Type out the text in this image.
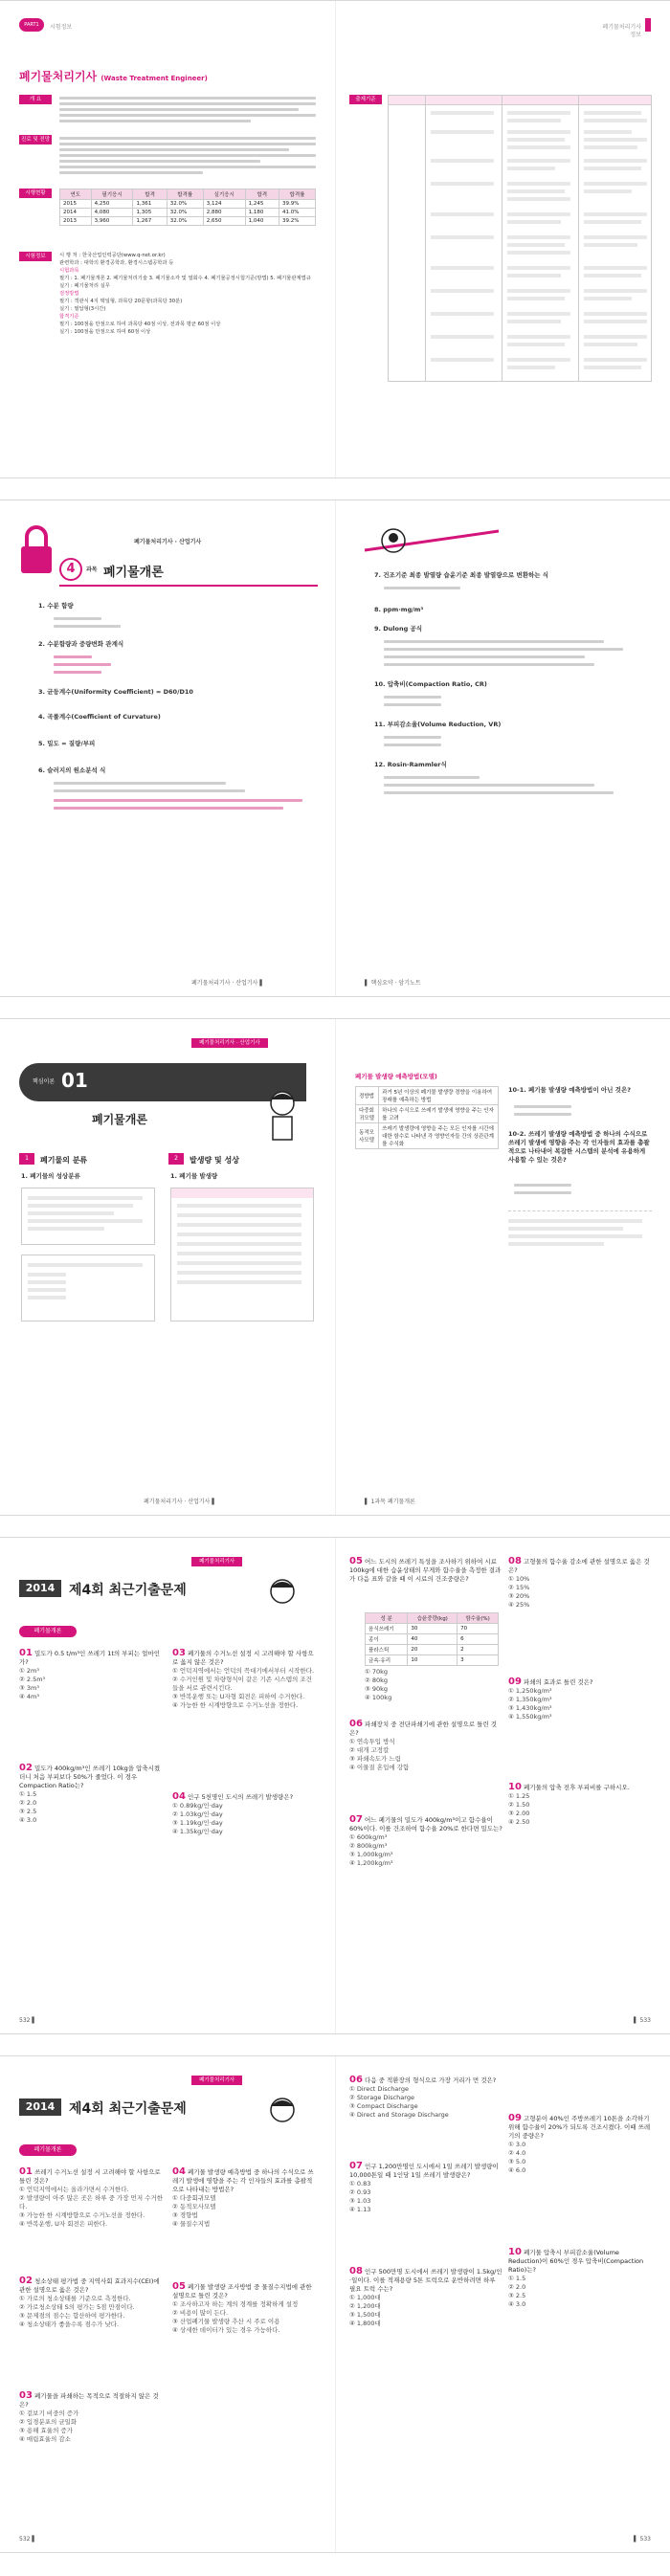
PART1	시험정보
폐기물처리기사 (Waste Treatment Engineer)
개 요
진로 및 전망
시행현황	연도	필기응시	합격	합격률	실기응시	합격	합격률
2015	4,250	1,361	32.0%	3,124	1,245	39.9%
2014	4,080	1,305	32.0%	2,880	1,180	41.0%
2013	3,960	1,267	32.0%	2,650	1,040	39.2%
시험정보	시 행 처 : 한국산업인력공단(www.q-net.or.kr)
관련학과 : 대학의 환경공학과, 환경시스템공학과 등
시험과목
필기 : 1. 폐기물개론 2. 폐기물처리기술 3. 폐기물소각 및 열회수 4. 폐기물공정시험기준(방법) 5. 폐기물관계법규
실기 : 폐기물처리 실무
검정방법
필기 : 객관식 4지 택일형, 과목당 20문항(과목당 30분)
실기 : 필답형(3시간)
합격기준
필기 : 100점을 만점으로 하여 과목당 40점 이상, 전과목 평균 60점 이상
실기 : 100점을 만점으로 하여 60점 이상
폐기물처리기사
정보
출제기준
폐기물처리기사 · 산업기사
4	과목 폐기물개론
1. 수분 함량
2. 수분함량과 중량변화 관계식
3. 균등계수(Uniformity Coefficient) = D60/D10
4. 곡률계수(Coefficient of Curvature)
5. 밀도 = 질량/부피
6. 슬러지의 원소분석 식
폐기물처리기사 · 산업기사 ▌
7. 건조기준 최종 발열량 습윤기준 최종 발열량으로 변환하는 식
8. ppm·mg/m³
9. Dulong 공식
10. 압축비(Compaction Ratio, CR)
11. 부피감소율(Volume Reduction, VR)
12. Rosin-Rammler식
▌ 핵심요약 · 암기노트
폐기물처리기사 · 산업기사
핵심이론 01
폐기물개론
1	폐기물의 분류
1. 폐기물의 성상분류
2	발생량 및 성상
1. 폐기물 발생량
폐기물처리기사 · 산업기사 ▌
폐기물 발생량 예측방법(모델)
경향법	과거 5년 이상의 폐기물 발생량 경향을 이용하여 장래를 예측하는 방법
다중회귀모델	하나의 수식으로 쓰레기 발생에 영향을 주는 인자를 고려
동적모사모델	쓰레기 발생량에 영향을 주는 모든 인자를 시간에 대한 함수로 나타낸 각 영향인자들 간의 상관관계를 수식화
10-1. 폐기물 발생량 예측방법이 아닌 것은?
10-2. 쓰레기 발생량 예측방법 중 하나의 수식으로 쓰레기 발생에 영향을 주는 각 인자들의 효과를 총괄적으로 나타내어 복잡한 시스템의 분석에 유용하게 사용할 수 있는 것은?
▌ 1과목 폐기물개론
폐기물처리기사
2014	제4회 최근기출문제
폐기물개론
01 밀도가 0.5 t/m³인 쓰레기 1t의 부피는 얼마인가?
① 2m³
② 2.5m³
③ 3m³
④ 4m³
02 밀도가 400kg/m³인 쓰레기 10kg을 압축시켰더니 처음 부피보다 50%가 줄었다. 이 경우 Compaction Ratio는?
① 1.5
② 2.0
③ 2.5
④ 3.0
03 폐기물의 수거노선 설정 시 고려해야 할 사항으로 옳지 않은 것은?
① 언덕지역에서는 언덕의 꼭대기에서부터 시작한다.
② 수거인원 및 차량형식이 같은 기존 시스템의 조건들을 서로 관련시킨다.
③ 반복운행 또는 U자형 회전은 피하여 수거한다.
④ 가능한 한 시계방향으로 수거노선을 정한다.
04 인구 5천명인 도시의 쓰레기 발생량은?
① 0.89kg/인·day
② 1.03kg/인·day
③ 1.19kg/인·day
④ 1.35kg/인·day
532 ▌
05 어느 도시의 쓰레기 특성을 조사하기 위하여 시료 100kg에 대한 습윤상태의 무게와 함수율을 측정한 결과가 다음 표와 같을 때 이 시료의 건조중량은?
성 분	습윤중량(kg)	함수율(%)
음식쓰레기	30	70
종이	40	6
플라스틱	20	2
금속·유리	10	3
① 70kg
② 80kg
③ 90kg
④ 100kg
06 파쇄장치 중 전단파쇄기에 관한 설명으로 틀린 것은?
① 연속투입 방식
② 대개 고정칼
③ 파쇄속도가 느림
④ 이물질 혼입에 강함
07 어느 폐기물의 밀도가 400kg/m³이고 함수율이 60%이다. 이를 건조하여 함수율 20%로 한다면 밀도는?
① 600kg/m³
② 800kg/m³
③ 1,000kg/m³
④ 1,200kg/m³
08 고형물의 함수율 감소에 관한 설명으로 옳은 것은?
① 10%
② 15%
③ 20%
④ 25%
09 파쇄의 효과로 틀린 것은?
① 1,250kg/m³
② 1,350kg/m³
③ 1,430kg/m³
④ 1,550kg/m³
10 폐기물의 압축 전후 부피비를 구하시오.
① 1.25
② 1.50
③ 2.00
④ 2.50
▌ 533
폐기물처리기사
2014	제4회 최근기출문제
폐기물개론
01 쓰레기 수거노선 설정 시 고려해야 할 사항으로 틀린 것은?
① 언덕지역에서는 올라가면서 수거한다.
② 발생량이 아주 많은 곳은 하루 중 가장 먼저 수거한다.
③ 가능한 한 시계방향으로 수거노선을 정한다.
④ 반복운행, U자 회전은 피한다.
02 청소상태 평가법 중 지역사회 효과지수(CEI)에 관한 설명으로 옳은 것은?
① 가로의 청소상태를 기준으로 측정한다.
② 가로청소상태 S의 평가는 5점 만점이다.
③ 문제점의 점수는 합산하여 평가한다.
④ 청소상태가 좋을수록 점수가 낮다.
03 폐기물을 파쇄하는 목적으로 적절하지 않은 것은?
① 겉보기 비중의 증가
② 입경분포의 균일화
③ 용해 효율의 증가
④ 매립효율의 감소
04 폐기물 발생량 예측방법 중 하나의 수식으로 쓰레기 발생에 영향을 주는 각 인자들의 효과를 총괄적으로 나타내는 방법은?
① 다중회귀모델
② 동적모사모델
③ 경향법
④ 물질수지법
05 폐기물 발생량 조사방법 중 물질수지법에 관한 설명으로 틀린 것은?
① 조사하고자 하는 계의 경계를 정확하게 설정
② 비용이 많이 든다.
③ 산업폐기물 발생량 추산 시 주로 이용
④ 상세한 데이터가 있는 경우 가능하다.
532 ▌
06 다음 중 적환장의 형식으로 가장 거리가 먼 것은?
① Direct Discharge
② Storage Discharge
③ Compact Discharge
④ Direct and Storage Discharge
07 인구 1,200만명인 도시에서 1일 쓰레기 발생량이 10,000톤일 때 1인당 1일 쓰레기 발생량은?
① 0.83
② 0.93
③ 1.03
④ 1.13
08 인구 500만명 도시에서 쓰레기 발생량이 1.5kg/인·일이다. 이를 적재용량 5톤 트럭으로 운반하려면 하루 필요 트럭 수는?
① 1,000대
② 1,200대
③ 1,500대
④ 1,800대
09 고형분이 40%인 주방쓰레기 10톤을 소각하기 위해 함수율이 20%가 되도록 건조시켰다. 이때 쓰레기의 중량은?
① 3.0
② 4.0
③ 5.0
④ 6.0
10 폐기물 압축시 부피감소율(Volume Reduction)이 60%인 경우 압축비(Compaction Ratio)는?
① 1.5
② 2.0
③ 2.5
④ 3.0
▌ 533
